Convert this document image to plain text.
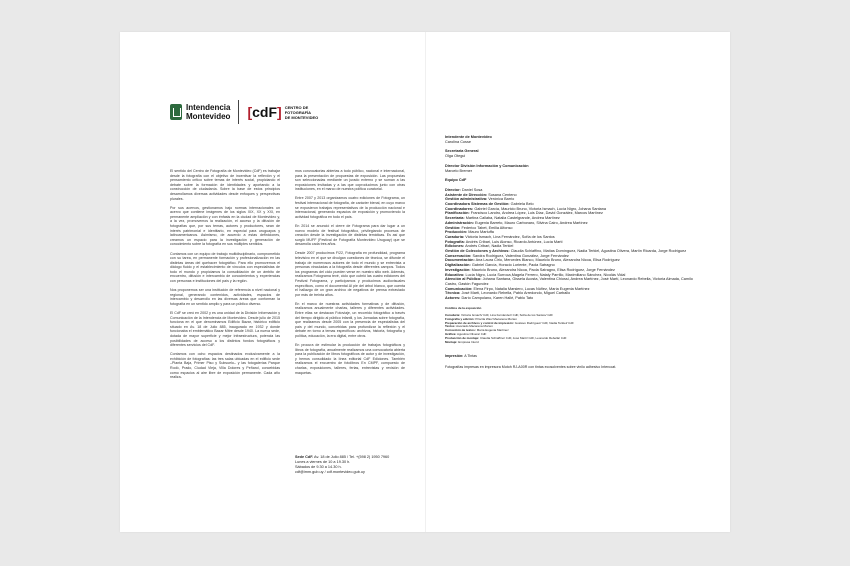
Intendencia
Montevideo [cdF] CENTRO DE
FOTOGRAFÍA
DE MONTEVIDEO

El sentido del Centro de Fotografía de Montevideo (CdF) es trabajar desde la fotografía con el objetivo de incentivar la reflexión y el pensamiento crítico sobre temas de interés social, propiciando el debate sobre la formación de identidades y aportando a la construcción de ciudadanía. Sobre la base de estos principios desarrollamos diversas actividades desde enfoques y perspectivas plurales.

Por sus acervos, gestionamos bajo normas internacionales un acervo que contiene imágenes de los siglos XIX, XX y XXI, en permanente ampliación y con énfasis en la ciudad de Montevideo y, a la vez, promovemos la realización, el acceso y la difusión de fotografías que, por sus temas, autores y productores, sean de interés patrimonial e identitario, en especial para uruguayos y latinoamericanos. Asimismo, de acuerdo a estas definiciones, creamos un espacio para la investigación y generación de conocimiento sobre la fotografía en sus múltiples sentidos.

Contamos con un equipo de trabajo multidisciplinario, comprometido con su tarea, en permanente formación y profesionalización en las distintas áreas del quehacer fotográfico. Para ello promovemos el diálogo fluido y el establecimiento de vínculos con especialistas de todo el mundo y propiciamos la consolidación de un ámbito de encuentro, difusión e intercambio de conocimientos y experiencias con personas e instituciones del país y la región.

Nos proponemos ser una institución de referencia a nivel nacional y regional, generando contenidos, actividades, espacios de intercambio y desarrollo en las diversas áreas que conforman la fotografía en un sentido amplio y para un público diverso.

El CdF se creó en 2002 y es una unidad de la División Información y Comunicación de la Intendencia de Montevideo. Desde julio de 2015 funciona en el que denominamos Edificio Bazar, histórico edificio situado en Av. 18 de Julio 885, inaugurado en 1932 y donde funcionaba el emblemático Bazar Mitre desde 1940. La nueva sede, dotada de mayor superficie y mejor infraestructura, potencia las posibilidades de acceso a los distintos fondos fotográficos y diferentes servicios del CdF.

Contamos con ocho espacios destinados exclusivamente a la exhibición de fotografías: las tres salas ubicadas en el edificio sede –Planta Baja, Primer Piso y Subsuelo– y las fotogalerías Parque Rodó, Prado, Ciudad Vieja, Villa Dolores y Peñarol, concebidas como espacios al aire libre de exposición permanente. Cada año realiza-

mos convocatorias abiertas a todo público, nacional e internacional, para la presentación de propuestas de exposición. Las propuestas son seleccionadas mediante un jurado externo y se suman a las exposiciones invitadas y a las que coproducimos junto con otras instituciones, en el marco de nuestra política curatorial.

Entre 2007 y 2013 organizamos cuatro ediciones de Fotograma, un festival internacional de fotografía, de carácter bienal, en cuyo marco se expusieron trabajos representativos de la producción nacional e internacional, generando espacios de exposición y promoviendo la actividad fotográfica en todo el país.

En 2014 se anunció el cierre de Fotograma para dar lugar a un nuevo modelo de festival fotográfico, privilegiando procesos de creación desde la investigación de distintas temáticas. Es así que surgió MUFF (Festival de Fotografía Montevideo Uruguay) que se desarrolla cada tres años.

Desde 2007 producimos F/22, Fotografía en profundidad, programa televisivo en el que se divulgan cuestiones de técnica, se difunde el trabajo de numerosos autores de todo el mundo y se entrevista a personas vinculadas a la fotografía desde diferentes campos. Todos los programas del ciclo pueden verse en nuestro sitio web. Además, realizamos Fotograma tevé, ciclo que cubrió las cuatro ediciones del Festival Fotograma, y participamos y producimos audiovisuales específicos, como el documental Al pie del árbol blanco, que cuenta el hallazgo de un gran archivo de negativos de prensa extraviado por más de treinta años.

En el marco de nuestras actividades formativas y de difusión, realizamos anualmente charlas, talleres y diferentes actividades. Entre ellas se destacan Fotoviaje, un recorrido fotográfico a través del tiempo dirigido al público infantil, y los Jornadas sobre fotografía, que realizamos desde 2005 con la presencia de especialistas del país y del mundo, concebidas para profundizar la reflexión y el debate en torno a temas específicos: archivos, historia, fotografía y política, educación, la era digital, entre otros.

En procura de estimular la producción de trabajos fotográficos y libros de fotografía, anualmente realizamos una convocatoria abierta para la publicación de libros fotográficos de autor y de investigación, y hemos consolidado la línea editorial CdF Ediciones. También realizamos el encuentro de fotolibros En CMPF, compuesto de charlas, exposiciones, talleres, ferias, entrevistas y revisión de maquetas.

Sede CdF. Av. 18 de Julio 885 / Tel. +(598 2) 1950 7960
Lunes a viernes de 10 a 19.30 h.
Sábados de 9.30 a 14.30 h.
cdf@imm.gub.uy / cdf.montevideo.gub.uy
Intendente de Montevideo
Carolina Cosse
Secretaria General
Olga Otegui
Director División Información y Comunicación
Marcelo Bremer
Equipo CdF
Director: Daniel Sosa
Asistente de Dirección: Susana Centeno
Gestión administrativa: Verónica Barrio
Coordinadora Sistemas de Gestión: Gabriela Belo
Coordinadores: Gabriel García, Mauricio Bruno, Victoria Ismach, Lucía Nigro, Johana Santana
Planificación: Francisco Landro, Andrea López, Luis Díaz, David González, Marcos Martínez
Secretaría: Martina Callaba, Natalia Castelgrande, Andrea Martínez
Administración: Eugenia Barreto, Mauro Carbonaro, Silvina Cairo, Andrea Martínez
Gestión: Federico Tabet, Emilia Alfonso
Producción: Mauro Martuffa
Curaduría: Victoria Ismach, Lina Fernández, Sofía de los Santos
Fotografía: Andrés Cribari, Luis Alonso, Ricardo Antúnez, Lucía Martí
Ediciones: Andrés Cribari, Nadia Terkiel
Gestión de Colecciones y Archivos: Claudia Schiaffino, Matías Domínguez, Nadia Terkiel, Agustina Olivera, Martín Ricarda, Jorge Rodríguez
Conservación: Sandra Rodríguez, Valentina González, Jorge Fernández
Documentación: Ana Laura Cirio, Mercedes Blanco, Mauricio Bruno, Alexandra Nicoa, Elisa Rodríguez
Digitalización: Gabriel García, Horacio Loriente, Paola Satragno
Investigación: Mauricio Bruno, Alexandra Nicoa, Paola Satragno, Elisa Rodríguez, Jorge Fernández
Educativo: Lucía Nigro, Lucía Surroca,Magela Ferrero, Nataly Parrillo, Maximiliano Sánchez, Nicolás Vidal
Atención al Público: Johana Santana, Gissela Acosta, Valentina Chiossi, Andrea Martínez, José Martí, Leonardo Rebella, Victoria Almada, Camilo Castro, Gastón Fagundez
Comunicación: Elena Firpo, Natalia Marsiero, Lucas Núñez, María Eugenia Martínez
Técnica: José Martí, Leonardo Rebella, Pablo Arredondo, Miguel Carballo
Actores: Darío Campolano, Karen Hallé, Pablo Tato
Créditos de la exposición
Curaduría: Victoria Ismach/ CdF, Lina Fernández/ CdF, Sofía de los Santos/ CdF
Fotografía y edición: Priscila Wax/ Macarena Morten
Preparación de archivos y control de impresión: Gustavo Rodríguez/ CdF, Nadia Terkiel/ CdF
Textos: Asociado Macarena Morten
Corrección de textos: María Eugenia Martínez
Gráfica: Agustina Olivera/ CdF
Producción de montaje: Claudia Schiaffino/ CdF, José Martí/ CdF, Leonardo Rebella/ CdF
Montaje: Empresa Intord
Impresión: A Tintas
Fotografías impresas en impresora Mutoh RJ-A00R con tintas ecosolventes sobre vinilo adhesivo Intercoat.
